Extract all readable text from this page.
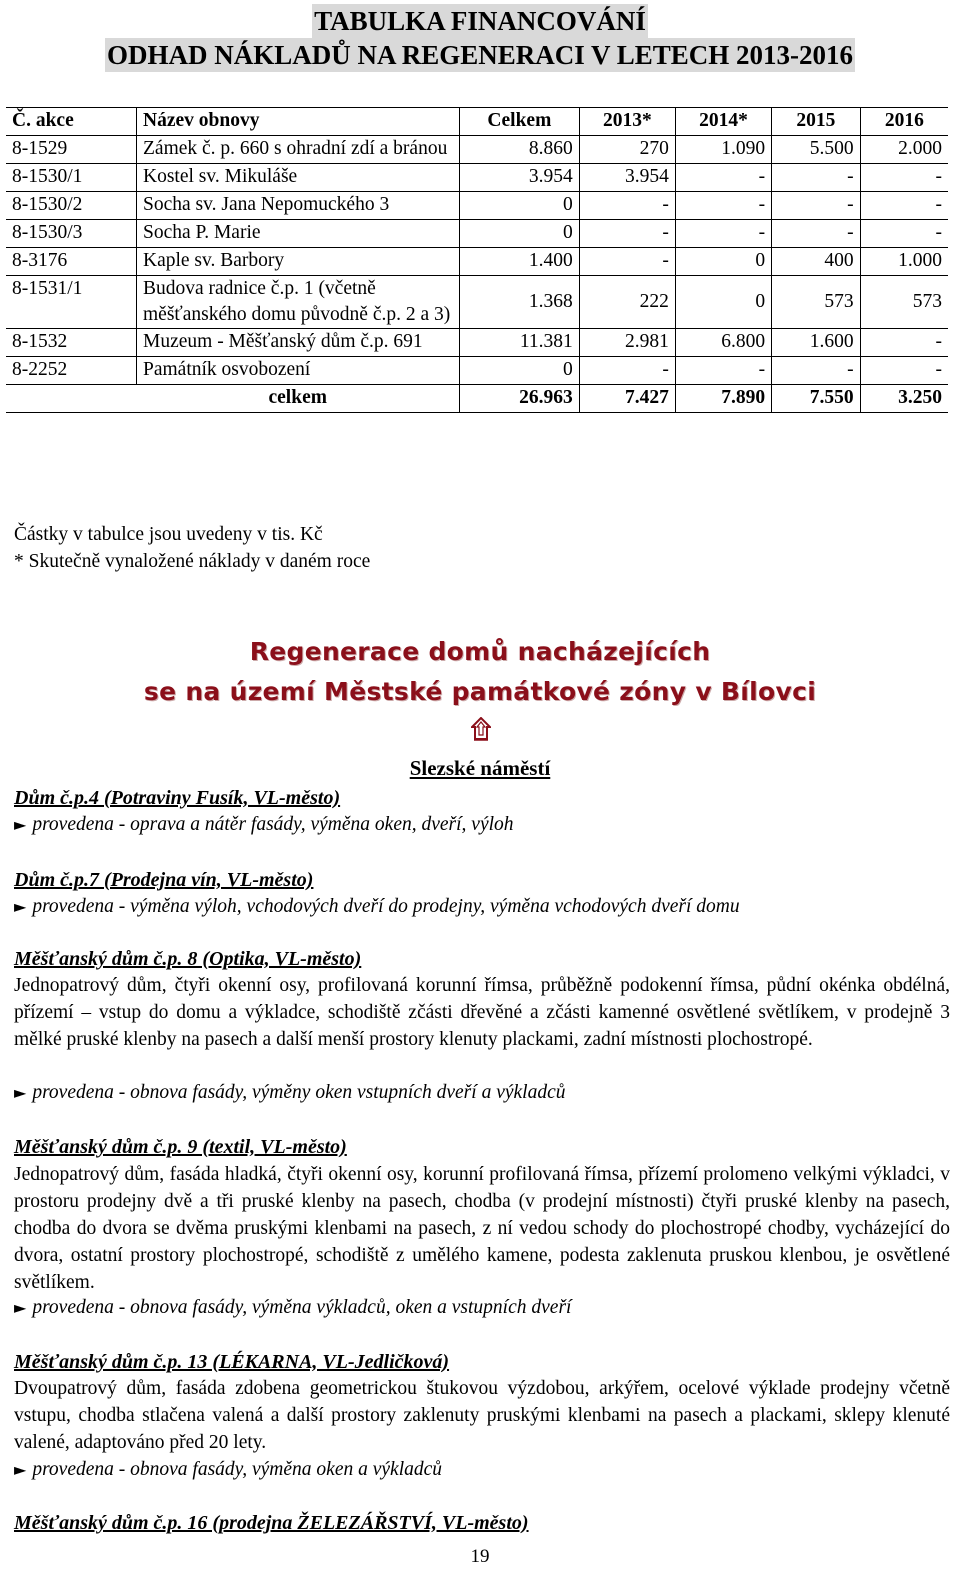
TABULKA FINANCOVÁNÍ
ODHAD NÁKLADŮ NA REGENERACI V LETECH 2013-2016
Č. akce	Název obnovy	Celkem	2013*	2014*	2015	2016
8-1529	Zámek č. p. 660 s ohradní zdí a bránou	8.860	270	1.090	5.500	2.000
8-1530/1	Kostel sv. Mikuláše	3.954	3.954	-	-	-
8-1530/2	Socha sv. Jana Nepomuckého 3	0	-	-	-	-
8-1530/3	Socha P. Marie	0	-	-	-	-
8-3176	Kaple sv. Barbory	1.400	-	0	400	1.000
8-1531/1	Budova radnice č.p. 1 (včetně měšťanského domu původně č.p. 2 a 3)	1.368	222	0	573	573
8-1532	Muzeum - Měšťanský dům č.p. 691	11.381	2.981	6.800	1.600	-
8-2252	Památník osvobození	0	-	-	-	-
	celkem	26.963	7.427	7.890	7.550	3.250
Částky v tabulce jsou uvedeny v tis. Kč
* Skutečně vynaložené náklady v daném roce
Regenerace domů nacházejících
se na území Městské památkové zóny v Bílovci
Slezské náměstí
Dům č.p.4 (Potraviny Fusík, VL-město)
► provedena - oprava a nátěr fasády, výměna oken, dveří, výloh
Dům č.p.7 (Prodejna vín, VL-město)
► provedena - výměna výloh, vchodových dveří do prodejny, výměna vchodových dveří domu
Měšťanský dům č.p. 8 (Optika, VL-město)
Jednopatrový dům, čtyři okenní osy, profilovaná korunní římsa, průběžně podokenní římsa, půdní okénka obdélná, přízemí – vstup do domu a výkladce, schodiště zčásti dřevěné a zčásti kamenné osvětlené světlíkem, v prodejně 3 mělké pruské klenby na pasech a další menší prostory klenuty plackami, zadní místnosti plochostropé.
► provedena - obnova fasády, výměny oken vstupních dveří a výkladců
Měšťanský dům č.p. 9 (textil, VL-město)
Jednopatrový dům, fasáda hladká, čtyři okenní osy, korunní profilovaná římsa, přízemí prolomeno velkými výkladci, v prostoru prodejny dvě a tři pruské klenby na pasech, chodba (v prodejní místnosti) čtyři pruské klenby na pasech, chodba do dvora se dvěma pruskými klenbami na pasech, z ní vedou schody do plochostropé chodby, vycházející do dvora, ostatní prostory plochostropé, schodiště z umělého kamene, podesta zaklenuta pruskou klenbou, je osvětlené světlíkem.
► provedena - obnova fasády, výměna výkladců, oken a vstupních dveří
Měšťanský dům č.p. 13 (LÉKARNA, VL-Jedličková)
Dvoupatrový dům, fasáda zdobena geometrickou štukovou výzdobou, arkýřem, ocelové výklade prodejny včetně vstupu, chodba stlačena valená a další prostory zaklenuty pruskými klenbami na pasech a plackami, sklepy klenuté valené, adaptováno před 20 lety.
► provedena - obnova fasády, výměna oken a výkladců
Měšťanský dům č.p. 16 (prodejna ŽELEZÁŘSTVÍ, VL-město)
19
